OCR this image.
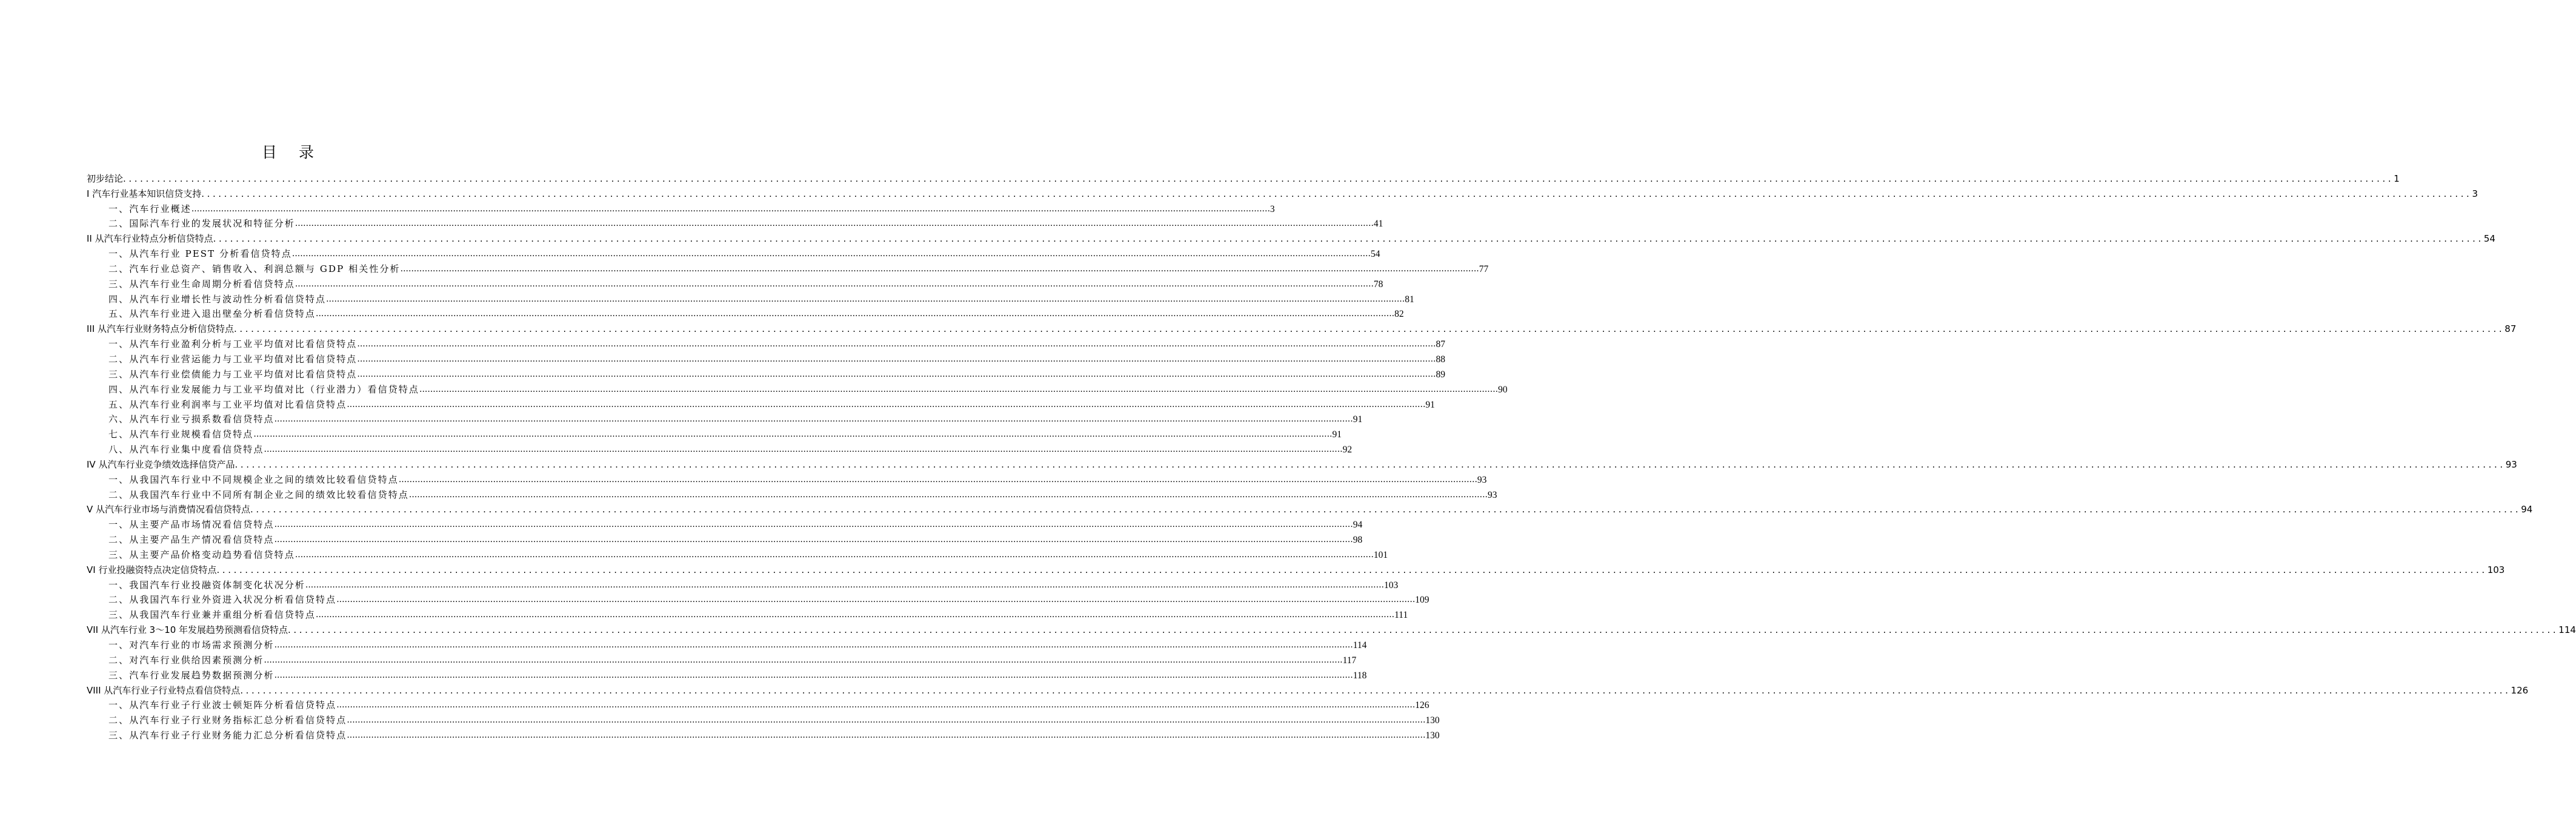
目 录
初步结论 ................................................................................................................................................................................................................................................................................................................................................................................................................ 1
I 汽车行业基本知识信贷支持 ................................................................................................................................................................................................................................................................................................................................................................................................................ 3
一、汽车行业概述 ................................................................................................................................................................................................................................................................................................................................................................................................................ 3
二、国际汽车行业的发展状况和特征分析 ................................................................................................................................................................................................................................................................................................................................................................................................................ 41
II 从汽车行业特点分析信贷特点 ................................................................................................................................................................................................................................................................................................................................................................................................................ 54
一、从汽车行业 PEST 分析看信贷特点 ................................................................................................................................................................................................................................................................................................................................................................................................................ 54
二、汽车行业总资产、销售收入、利润总额与 GDP 相关性分析 ................................................................................................................................................................................................................................................................................................................................................................................................................ 77
三、从汽车行业生命周期分析看信贷特点 ................................................................................................................................................................................................................................................................................................................................................................................................................ 78
四、从汽车行业增长性与波动性分析看信贷特点 ................................................................................................................................................................................................................................................................................................................................................................................................................ 81
五、从汽车行业进入退出壁垒分析看信贷特点 ................................................................................................................................................................................................................................................................................................................................................................................................................ 82
III 从汽车行业财务特点分析信贷特点 ................................................................................................................................................................................................................................................................................................................................................................................................................ 87
一、从汽车行业盈利分析与工业平均值对比看信贷特点 ................................................................................................................................................................................................................................................................................................................................................................................................................ 87
二、从汽车行业营运能力与工业平均值对比看信贷特点 ................................................................................................................................................................................................................................................................................................................................................................................................................ 88
三、从汽车行业偿债能力与工业平均值对比看信贷特点 ................................................................................................................................................................................................................................................................................................................................................................................................................ 89
四、从汽车行业发展能力与工业平均值对比（行业潜力）看信贷特点 ................................................................................................................................................................................................................................................................................................................................................................................................................ 90
五、从汽车行业利润率与工业平均值对比看信贷特点 ................................................................................................................................................................................................................................................................................................................................................................................................................ 91
六、从汽车行业亏损系数看信贷特点 ................................................................................................................................................................................................................................................................................................................................................................................................................ 91
七、从汽车行业规模看信贷特点 ................................................................................................................................................................................................................................................................................................................................................................................................................ 91
八、从汽车行业集中度看信贷特点 ................................................................................................................................................................................................................................................................................................................................................................................................................ 92
IV 从汽车行业竞争绩效选择信贷产品 ................................................................................................................................................................................................................................................................................................................................................................................................................ 93
一、从我国汽车行业中不同规模企业之间的绩效比较看信贷特点 ................................................................................................................................................................................................................................................................................................................................................................................................................ 93
二、从我国汽车行业中不同所有制企业之间的绩效比较看信贷特点 ................................................................................................................................................................................................................................................................................................................................................................................................................ 93
V 从汽车行业市场与消费情况看信贷特点 ................................................................................................................................................................................................................................................................................................................................................................................................................ 94
一、从主要产品市场情况看信贷特点 ................................................................................................................................................................................................................................................................................................................................................................................................................ 94
二、从主要产品生产情况看信贷特点 ................................................................................................................................................................................................................................................................................................................................................................................................................ 98
三、从主要产品价格变动趋势看信贷特点 ................................................................................................................................................................................................................................................................................................................................................................................................................ 101
VI 行业投融资特点决定信贷特点 ................................................................................................................................................................................................................................................................................................................................................................................................................ 103
一、我国汽车行业投融资体制变化状况分析 ................................................................................................................................................................................................................................................................................................................................................................................................................ 103
二、从我国汽车行业外资进入状况分析看信贷特点 ................................................................................................................................................................................................................................................................................................................................................................................................................ 109
三、从我国汽车行业兼并重组分析看信贷特点 ................................................................................................................................................................................................................................................................................................................................................................................................................ 111
VII 从汽车行业 3～10 年发展趋势预测看信贷特点 ................................................................................................................................................................................................................................................................................................................................................................................................................ 114
一、对汽车行业的市场需求预测分析 ................................................................................................................................................................................................................................................................................................................................................................................................................ 114
二、对汽车行业供给因素预测分析 ................................................................................................................................................................................................................................................................................................................................................................................................................ 117
三、汽车行业发展趋势数据预测分析 ................................................................................................................................................................................................................................................................................................................................................................................................................ 118
VIII 从汽车行业子行业特点看信贷特点 ................................................................................................................................................................................................................................................................................................................................................................................................................ 126
一、从汽车行业子行业波士顿矩阵分析看信贷特点 ................................................................................................................................................................................................................................................................................................................................................................................................................ 126
二、从汽车行业子行业财务指标汇总分析看信贷特点 ................................................................................................................................................................................................................................................................................................................................................................................................................ 130
三、从汽车行业子行业财务能力汇总分析看信贷特点 ................................................................................................................................................................................................................................................................................................................................................................................................................ 130
